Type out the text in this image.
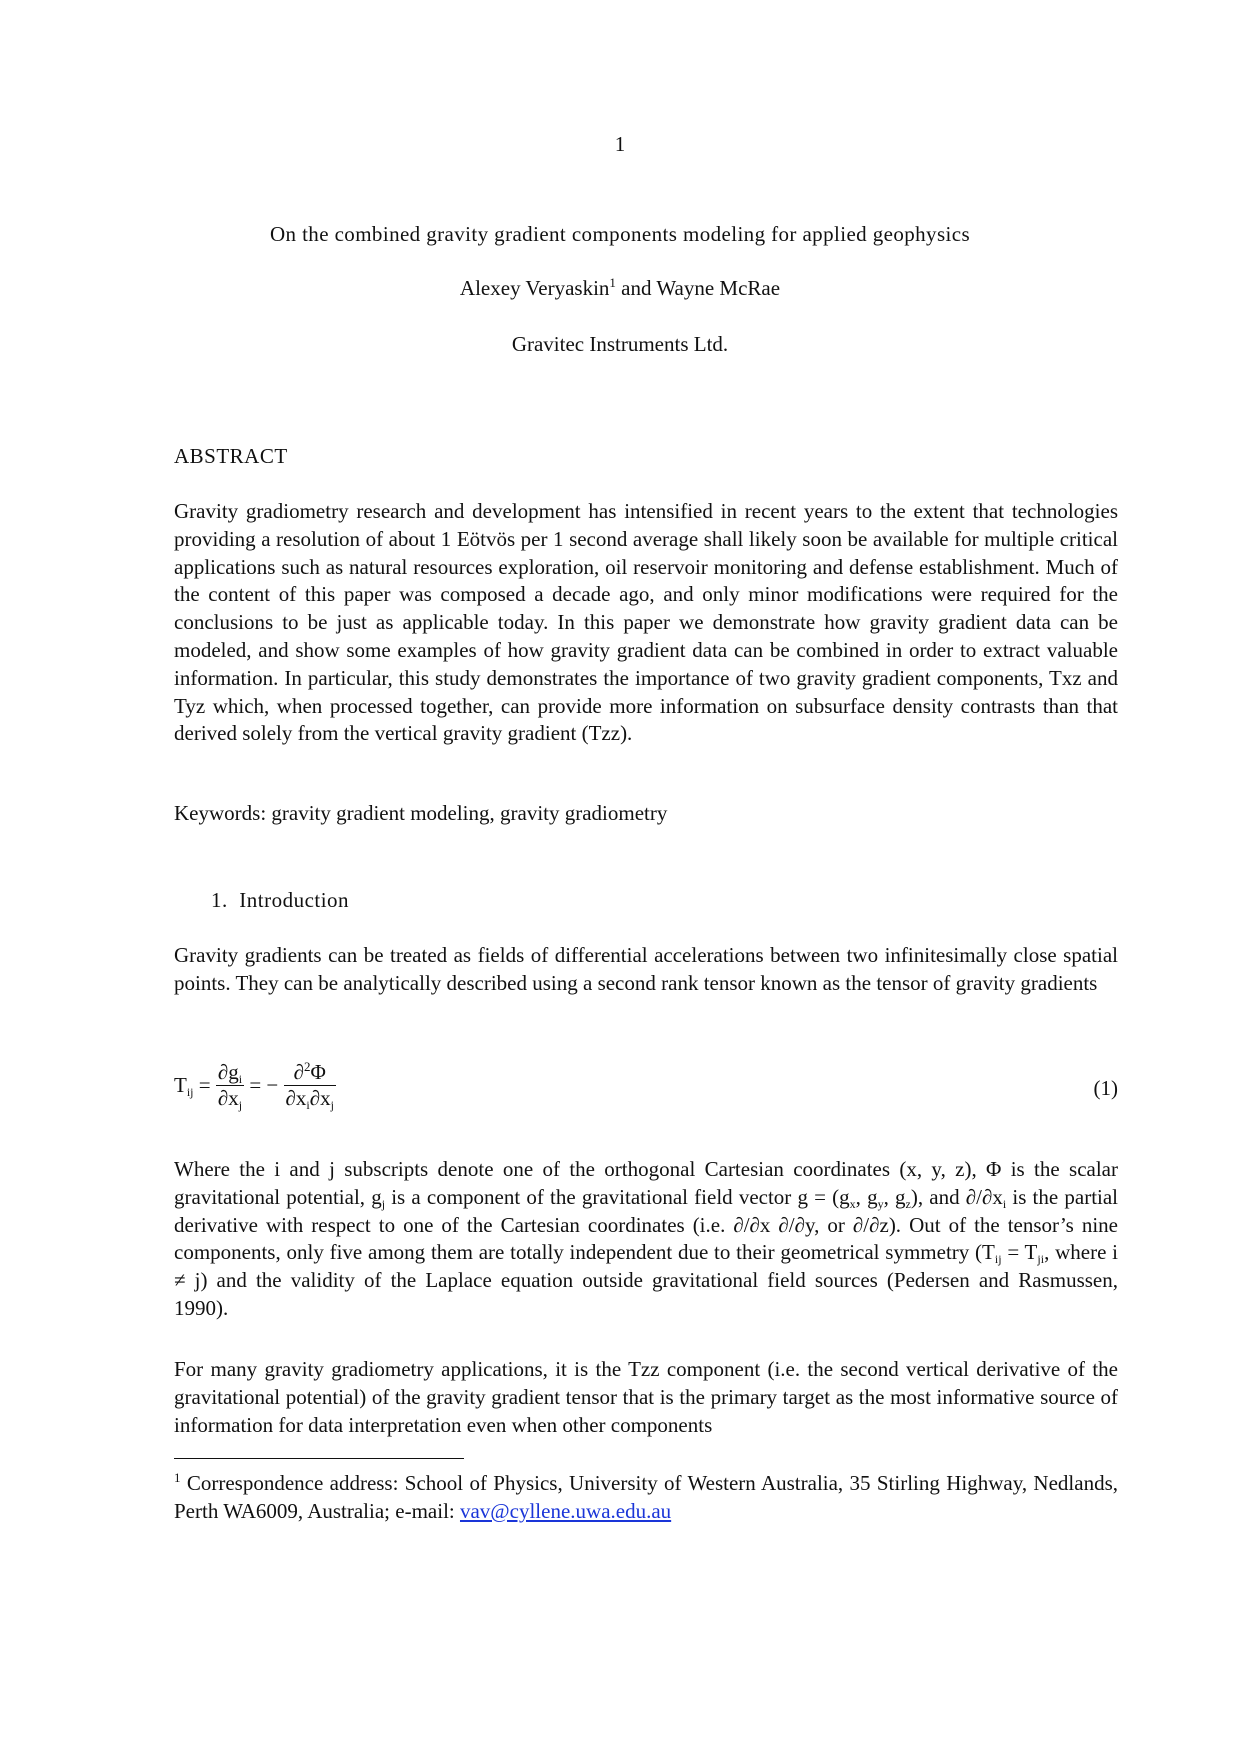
1
On the combined gravity gradient components modeling for applied geophysics
Alexey Veryaskin$^1$ and Wayne McRae
Gravitec Instruments Ltd.
ABSTRACT

Gravity gradiometry research and development has intensified in recent years to the extent that technologies providing a resolution of about 1 Eötvös per 1 second average shall likely soon be available for multiple critical applications such as natural resources exploration, oil reservoir monitoring and defense establishment. Much of the content of this paper was composed a decade ago, and only minor modifications were required for the conclusions to be just as applicable today. In this paper we demonstrate how gravity gradient data can be modeled, and show some examples of how gravity gradient data can be combined in order to extract valuable information. In particular, this study demonstrates the importance of two gravity gradient components, Txz and Tyz which, when processed together, can provide more information on subsurface density contrasts than that derived solely from the vertical gravity gradient (Tzz).

Keywords: gravity gradient modeling, gravity gradiometry

1. Introduction

Gravity gradients can be treated as fields of differential accelerations between two infinitesimally close spatial points. They can be analytically described using a second rank tensor known as the tensor of gravity gradients

$T_{ij} = \frac{\partial g_i}{\partial x_j}$ = − $\frac{\partial^2\Phi}{\partial x_i\partial x_j}$	(1)

Where the i and j subscripts denote one of the orthogonal Cartesian coordinates (x, y, z), Φ is the scalar gravitational potential, $g_j$ is a component of the gravitational field vector $g = (g_x$, $g_y$, $g_z$), and $\partial/\partial x_i$ is the partial derivative with respect to one of the Cartesian coordinates (i.e. ∂/∂x ∂/∂y, or ∂/∂z). Out of the tensor’s nine components, only five among them are totally independent due to their geometrical symmetry ($T_{ij} = T_{ji}$, where i ≠ j) and the validity of the Laplace equation outside gravitational field sources (Pedersen and Rasmussen, 1990).

For many gravity gradiometry applications, it is the Tzz component (i.e. the second vertical derivative of the gravitational potential) of the gravity gradient tensor that is the primary target as the most informative source of information for data interpretation even when other components

$^1$ Correspondence address: School of Physics, University of Western Australia, 35 Stirling Highway, Nedlands, Perth WA6009, Australia; e-mail: vav@cyllene.uwa.edu.au
